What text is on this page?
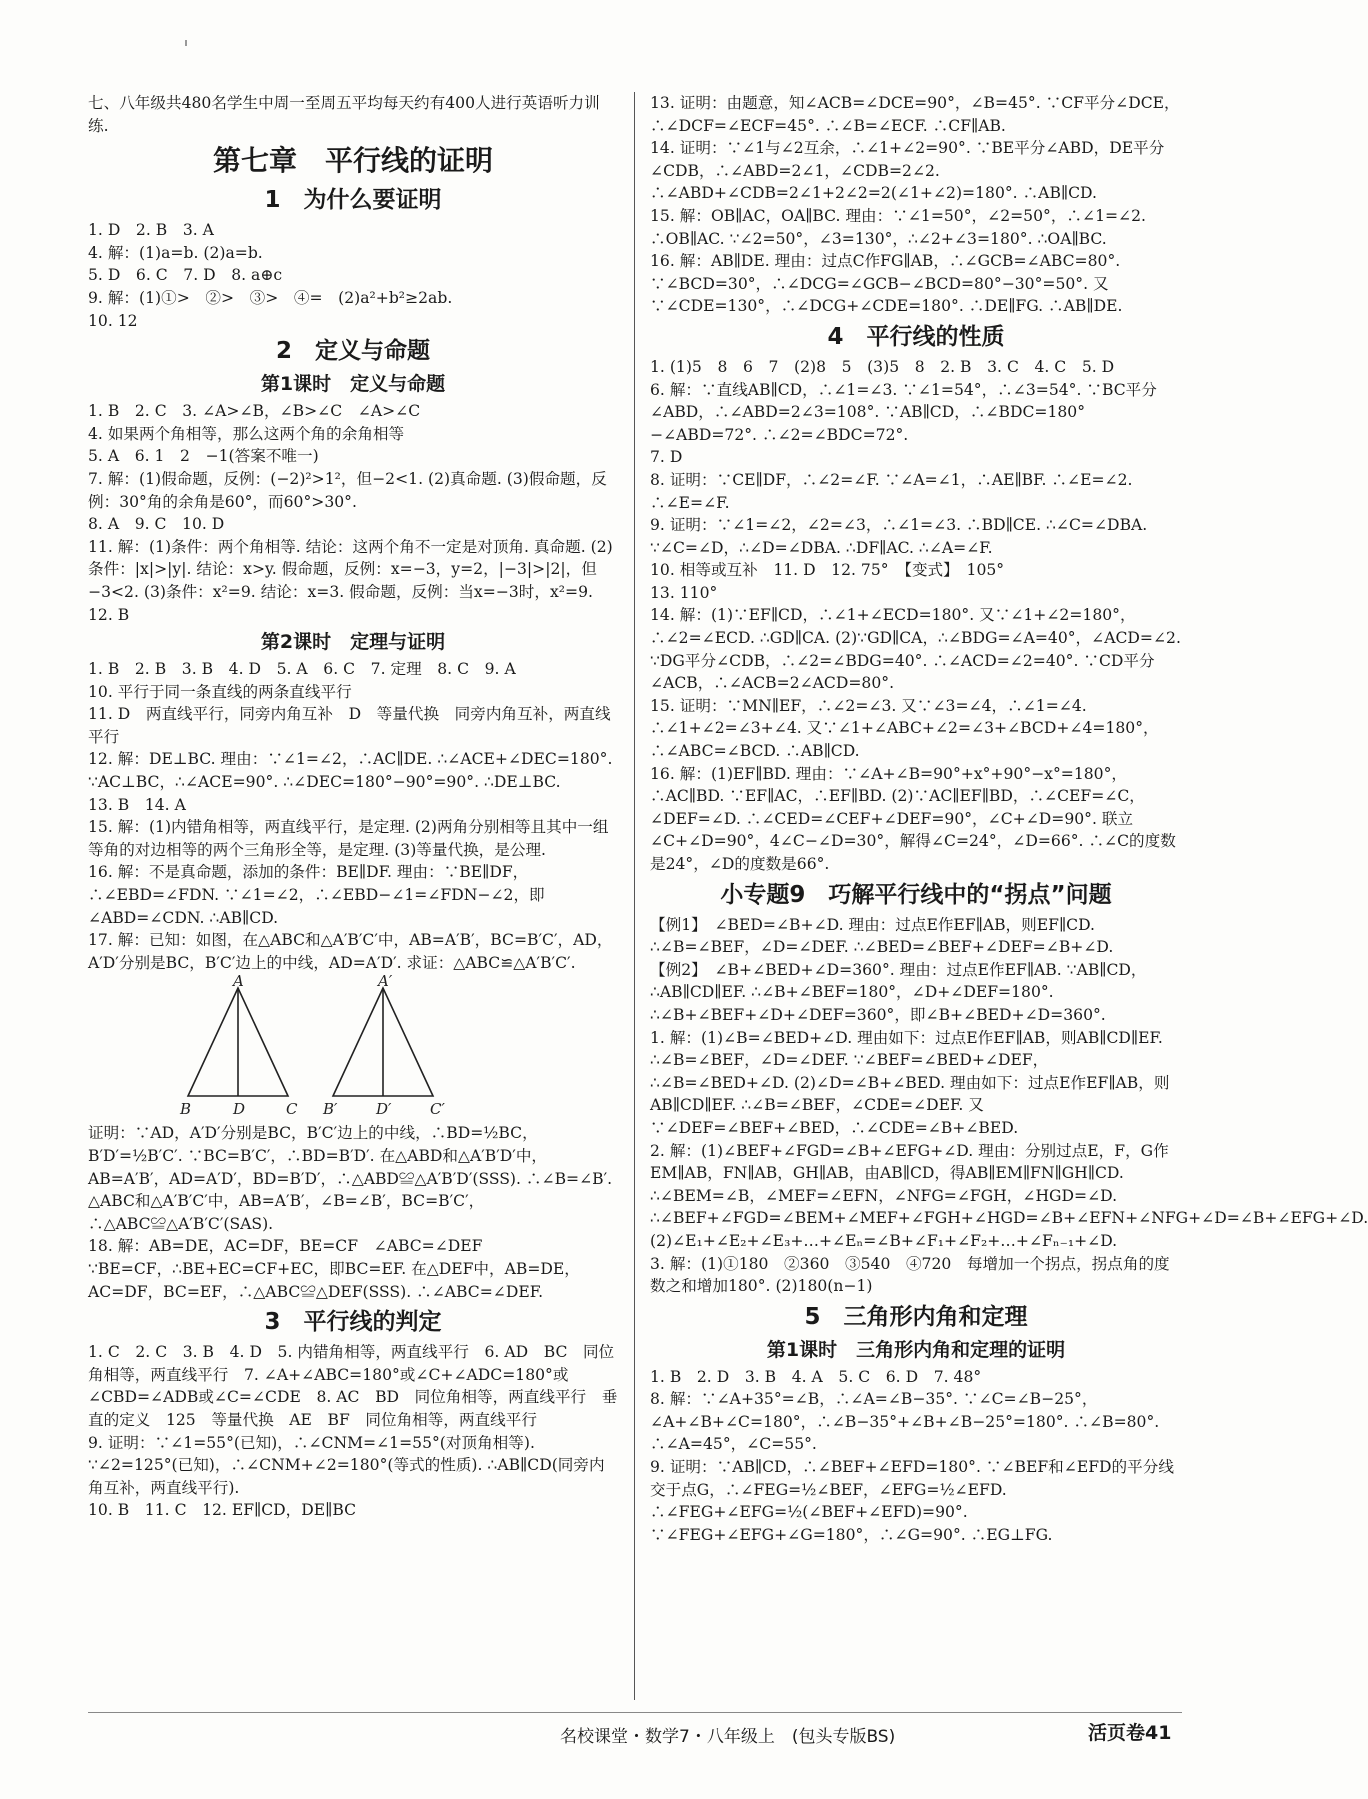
七、八年级共480名学生中周一至周五平均每天约有400人进行英语听力训练.

第七章　平行线的证明
1　为什么要证明

1. D　2. B　3. A

4. 解：(1)a=b. (2)a=b.

5. D　6. C　7. D　8. a⊕c

9. 解：(1)①>　②>　③>　④=　(2)a²+b²≥2ab.

10. 12

2　定义与命题
第1课时　定义与命题

1. B　2. C　3. ∠A>∠B，∠B>∠C　∠A>∠C

4. 如果两个角相等，那么这两个角的余角相等

5. A　6. 1　2　−1(答案不唯一)

7. 解：(1)假命题，反例：(−2)²>1²，但−2<1. (2)真命题. (3)假命题，反例：30°角的余角是60°，而60°>30°.

8. A　9. C　10. D

11. 解：(1)条件：两个角相等. 结论：这两个角不一定是对顶角. 真命题. (2)条件：|x|>|y|. 结论：x>y. 假命题，反例：x=−3，y=2，|−3|>|2|，但−3<2. (3)条件：x²=9. 结论：x=3. 假命题，反例：当x=−3时，x²=9.

12. B

第2课时　定理与证明

1. B　2. B　3. B　4. D　5. A　6. C　7. 定理　8. C　9. A

10. 平行于同一条直线的两条直线平行

11. D　两直线平行，同旁内角互补　D　等量代换　同旁内角互补，两直线平行

12. 解：DE⊥BC. 理由：∵∠1=∠2，∴AC∥DE. ∴∠ACE+∠DEC=180°. ∵AC⊥BC，∴∠ACE=90°. ∴∠DEC=180°−90°=90°. ∴DE⊥BC.

13. B　14. A

15. 解：(1)内错角相等，两直线平行，是定理. (2)两角分别相等且其中一组等角的对边相等的两个三角形全等，是定理. (3)等量代换，是公理.

16. 解：不是真命题，添加的条件：BE∥DF. 理由：∵BE∥DF，∴∠EBD=∠FDN. ∵∠1=∠2，∴∠EBD−∠1=∠FDN−∠2，即∠ABD=∠CDN. ∴AB∥CD.

17. 解：已知：如图，在△ABC和△A′B′C′中，AB=A′B′，BC=B′C′，AD，A′D′分别是BC，B′C′边上的中线，AD=A′D′. 求证：△ABC≌△A′B′C′.

A
B	D	C
A′
B′	D′	C′

证明：∵AD，A′D′分别是BC，B′C′边上的中线，∴BD=½BC，B′D′=½B′C′. ∵BC=B′C′，∴BD=B′D′. 在△ABD和△A′B′D′中，AB=A′B′，AD=A′D′，BD=B′D′，∴△ABD≌△A′B′D′(SSS). ∴∠B=∠B′.

△ABC和△A′B′C′中，AB=A′B′，∠B=∠B′，BC=B′C′，∴△ABC≌△A′B′C′(SAS).

18. 解：AB=DE，AC=DF，BE=CF　∠ABC=∠DEF

∵BE=CF，∴BE+EC=CF+EC，即BC=EF. 在△DEF中，AB=DE，AC=DF，BC=EF，∴△ABC≌△DEF(SSS). ∴∠ABC=∠DEF.

3　平行线的判定

1. C　2. C　3. B　4. D　5. 内错角相等，两直线平行　6. AD　BC　同位角相等，两直线平行　7. ∠A+∠ABC=180°或∠C+∠ADC=180°或∠CBD=∠ADB或∠C=∠CDE　8. AC　BD　同位角相等，两直线平行　垂直的定义　125　等量代换　AE　BF　同位角相等，两直线平行

9. 证明：∵∠1=55°(已知)，∴∠CNM=∠1=55°(对顶角相等). ∵∠2=125°(已知)，∴∠CNM+∠2=180°(等式的性质). ∴AB∥CD(同旁内角互补，两直线平行).

10. B　11. C　12. EF∥CD，DE∥BC

13. 证明：由题意，知∠ACB=∠DCE=90°，∠B=45°. ∵CF平分∠DCE，∴∠DCF=∠ECF=45°. ∴∠B=∠ECF. ∴CF∥AB.

14. 证明：∵∠1与∠2互余，∴∠1+∠2=90°. ∵BE平分∠ABD，DE平分∠CDB，∴∠ABD=2∠1，∠CDB=2∠2. ∴∠ABD+∠CDB=2∠1+2∠2=2(∠1+∠2)=180°. ∴AB∥CD.

15. 解：OB∥AC，OA∥BC. 理由：∵∠1=50°，∠2=50°，∴∠1=∠2. ∴OB∥AC. ∵∠2=50°，∠3=130°，∴∠2+∠3=180°. ∴OA∥BC.

16. 解：AB∥DE. 理由：过点C作FG∥AB，∴∠GCB=∠ABC=80°. ∵∠BCD=30°，∴∠DCG=∠GCB−∠BCD=80°−30°=50°. 又∵∠CDE=130°，∴∠DCG+∠CDE=180°. ∴DE∥FG. ∴AB∥DE.

4　平行线的性质

1. (1)5　8　6　7　(2)8　5　(3)5　8　2. B　3. C　4. C　5. D

6. 解：∵直线AB∥CD，∴∠1=∠3. ∵∠1=54°，∴∠3=54°. ∵BC平分∠ABD，∴∠ABD=2∠3=108°. ∵AB∥CD，∴∠BDC=180°−∠ABD=72°. ∴∠2=∠BDC=72°.

7. D

8. 证明：∵CE∥DF，∴∠2=∠F. ∵∠A=∠1，∴AE∥BF. ∴∠E=∠2. ∴∠E=∠F.

9. 证明：∵∠1=∠2，∠2=∠3，∴∠1=∠3. ∴BD∥CE. ∴∠C=∠DBA. ∵∠C=∠D，∴∠D=∠DBA. ∴DF∥AC. ∴∠A=∠F.

10. 相等或互补　11. D　12. 75°　【变式】　105°

13. 110°

14. 解：(1)∵EF∥CD，∴∠1+∠ECD=180°. 又∵∠1+∠2=180°，∴∠2=∠ECD. ∴GD∥CA. (2)∵GD∥CA，∴∠BDG=∠A=40°，∠ACD=∠2. ∵DG平分∠CDB，∴∠2=∠BDG=40°. ∴∠ACD=∠2=40°. ∵CD平分∠ACB，∴∠ACB=2∠ACD=80°.

15. 证明：∵MN∥EF，∴∠2=∠3. 又∵∠3=∠4，∴∠1=∠4. ∴∠1+∠2=∠3+∠4. 又∵∠1+∠ABC+∠2=∠3+∠BCD+∠4=180°，∴∠ABC=∠BCD. ∴AB∥CD.

16. 解：(1)EF∥BD. 理由：∵∠A+∠B=90°+x°+90°−x°=180°，∴AC∥BD. ∵EF∥AC，∴EF∥BD. (2)∵AC∥EF∥BD，∴∠CEF=∠C，∠DEF=∠D. ∴∠CED=∠CEF+∠DEF=90°，∠C+∠D=90°. 联立∠C+∠D=90°，4∠C−∠D=30°，解得∠C=24°，∠D=66°. ∴∠C的度数是24°，∠D的度数是66°.

小专题9　巧解平行线中的“拐点”问题

【例1】　∠BED=∠B+∠D. 理由：过点E作EF∥AB，则EF∥CD. ∴∠B=∠BEF，∠D=∠DEF. ∴∠BED=∠BEF+∠DEF=∠B+∠D.

【例2】　∠B+∠BED+∠D=360°. 理由：过点E作EF∥AB. ∵AB∥CD，∴AB∥CD∥EF. ∴∠B+∠BEF=180°，∠D+∠DEF=180°. ∴∠B+∠BEF+∠D+∠DEF=360°，即∠B+∠BED+∠D=360°.

1. 解：(1)∠B=∠BED+∠D. 理由如下：过点E作EF∥AB，则AB∥CD∥EF. ∴∠B=∠BEF，∠D=∠DEF. ∵∠BEF=∠BED+∠DEF，∴∠B=∠BED+∠D. (2)∠D=∠B+∠BED. 理由如下：过点E作EF∥AB，则AB∥CD∥EF. ∴∠B=∠BEF，∠CDE=∠DEF. 又∵∠DEF=∠BEF+∠BED，∴∠CDE=∠B+∠BED.

2. 解：(1)∠BEF+∠FGD=∠B+∠EFG+∠D. 理由：分别过点E，F，G作EM∥AB，FN∥AB，GH∥AB，由AB∥CD，得AB∥EM∥FN∥GH∥CD. ∴∠BEM=∠B，∠MEF=∠EFN，∠NFG=∠FGH，∠HGD=∠D. ∴∠BEF+∠FGD=∠BEM+∠MEF+∠FGH+∠HGD=∠B+∠EFN+∠NFG+∠D=∠B+∠EFG+∠D. (2)∠E₁+∠E₂+∠E₃+…+∠Eₙ=∠B+∠F₁+∠F₂+…+∠Fₙ₋₁+∠D.

3. 解：(1)①180　②360　③540　④720　每增加一个拐点，拐点角的度数之和增加180°. (2)180(n−1)

5　三角形内角和定理
第1课时　三角形内角和定理的证明

1. B　2. D　3. B　4. A　5. C　6. D　7. 48°

8. 解：∵∠A+35°=∠B，∴∠A=∠B−35°. ∵∠C=∠B−25°，∠A+∠B+∠C=180°，∴∠B−35°+∠B+∠B−25°=180°. ∴∠B=80°. ∴∠A=45°，∠C=55°.

9. 证明：∵AB∥CD，∴∠BEF+∠EFD=180°. ∵∠BEF和∠EFD的平分线交于点G，∴∠FEG=½∠BEF，∠EFG=½∠EFD. ∴∠FEG+∠EFG=½(∠BEF+∠EFD)=90°. ∵∠FEG+∠EFG+∠G=180°，∴∠G=90°. ∴EG⊥FG.

名校课堂・数学7・八年级上　(包头专版BS)	活页卷41
